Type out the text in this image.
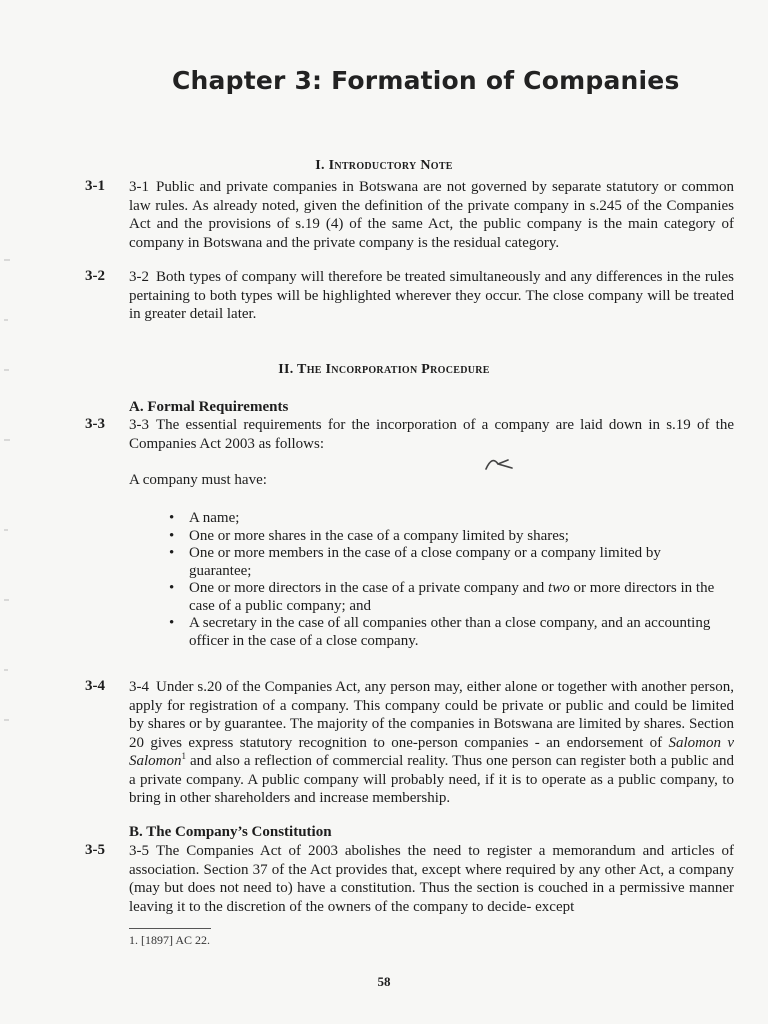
Chapter 3: Formation of Companies
I. Introductory Note
3-1 3-1 Public and private companies in Botswana are not governed by separate statutory or common law rules. As already noted, given the definition of the private company in s.245 of the Companies Act and the provisions of s.19 (4) of the same Act, the public company is the main category of company in Botswana and the private company is the residual category.
3-2 3-2 Both types of company will therefore be treated simultaneously and any differences in the rules pertaining to both types will be highlighted wherever they occur. The close company will be treated in greater detail later.
II. The Incorporation Procedure
A. Formal Requirements
3-3 3-3 The essential requirements for the incorporation of a company are laid down in s.19 of the Companies Act 2003 as follows:
A company must have:
• A name;
• One or more shares in the case of a company limited by shares;
• One or more members in the case of a close company or a company limited by guarantee;
• One or more directors in the case of a private company and two or more directors in the case of a public company; and
• A secretary in the case of all companies other than a close company, and an accounting officer in the case of a close company.
3-4 3-4 Under s.20 of the Companies Act, any person may, either alone or together with another person, apply for registration of a company. This company could be private or public and could be limited by shares or by guarantee. The majority of the companies in Botswana are limited by shares. Section 20 gives express statutory recognition to one-person companies - an endorsement of Salomon v Salomon$^1$ and also a reflection of commercial reality. Thus one person can register both a public and a private company. A public company will probably need, if it is to operate as a public company, to bring in other shareholders and increase membership.
B. The Company’s Constitution
3-5 3-5 The Companies Act of 2003 abolishes the need to register a memorandum and articles of association. Section 37 of the Act provides that, except where required by any other Act, a company (may but does not need to) have a constitution. Thus the section is couched in a permissive manner leaving it to the discretion of the owners of the company to decide- except
1. [1897] AC 22.
58
